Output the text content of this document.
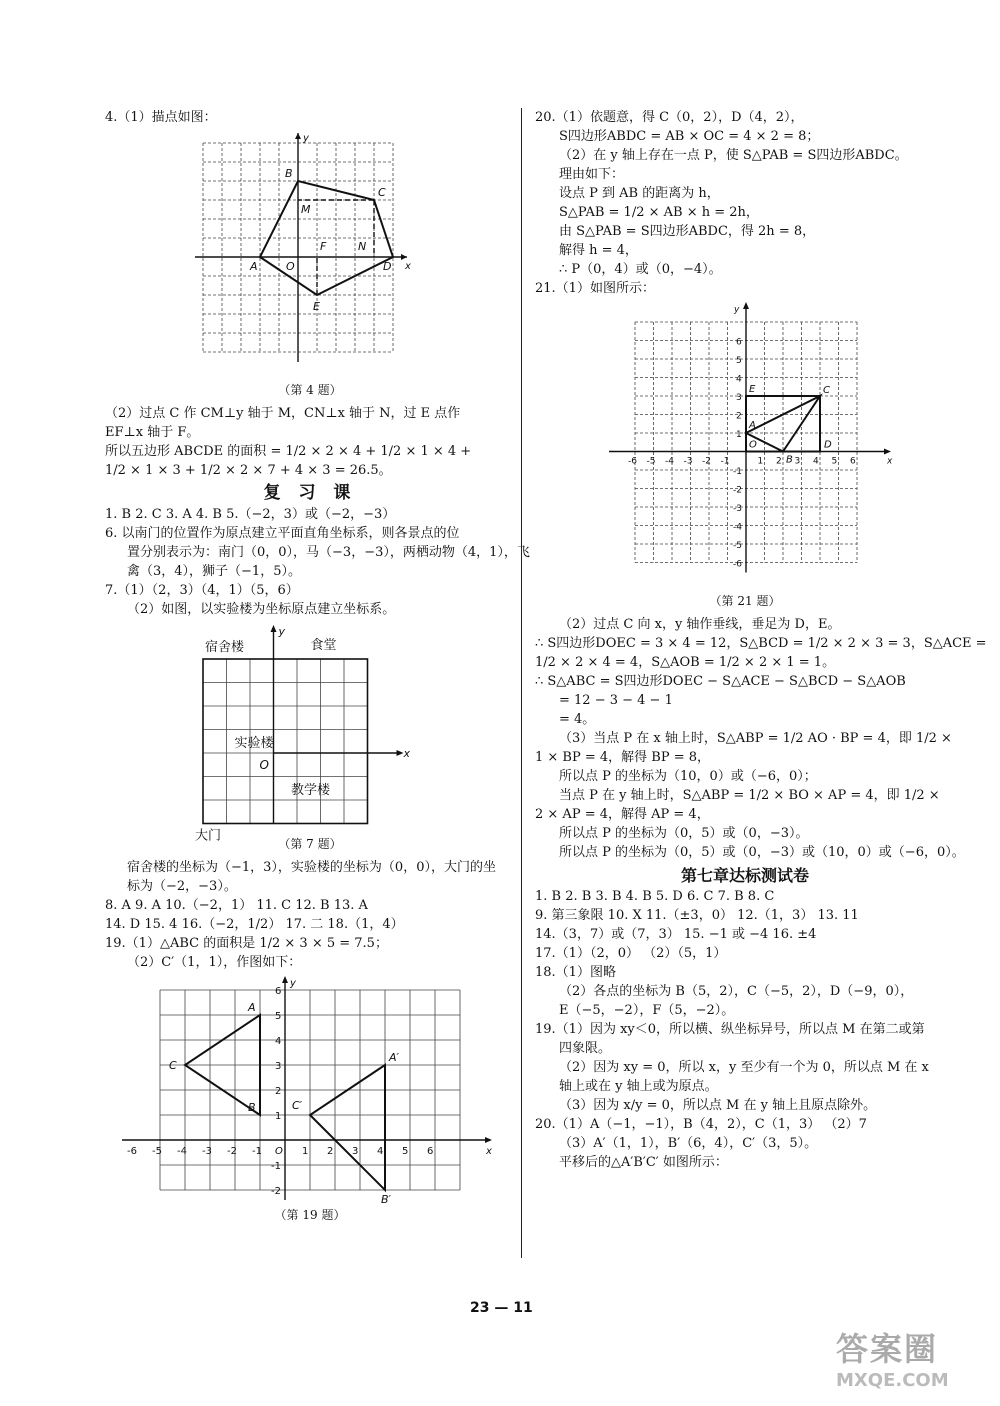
4.（1）描点如图：

B
C
M
F	N
A	O	D
E
x
y

（第 4 题）

（2）过点 C 作 CM⊥y 轴于 M，CN⊥x 轴于 N，过 E 点作

EF⊥x 轴于 F。

所以五边形 ABCDE 的面积 = 1/2 × 2 × 4 + 1/2 × 1 × 4 +

1/2 × 1 × 3 + 1/2 × 2 × 7 + 4 × 3 = 26.5。

复 习 课

1. B 2. C 3. A 4. B 5.（−2，3）或（−2，−3）

6. 以南门的位置作为原点建立平面直角坐标系，则各景点的位

置分别表示为：南门（0，0），马（−3，−3），两栖动物（4，1），飞

禽（3，4），狮子（−1，5）。

7.（1）（2，3）（4，1）（5，6）

（2）如图，以实验楼为坐标原点建立坐标系。

x
y
宿舍楼	食堂
实验楼
O
教学楼
大门

（第 7 题）

宿舍楼的坐标为（−1，3），实验楼的坐标为（0，0），大门的坐

标为（−2，−3）。

8. A 9. A 10.（−2，1） 11. C 12. B 13. A

14. D 15. 4 16.（−2，1/2） 17. 二 18.（1，4）

19.（1）△ABC 的面积是 1/2 × 3 × 5 = 7.5；

（2）C′（1，1），作图如下：

-6 -5 -4 -3 -2 -1	1 2 3 4 5 6
6
5
4
3
2
1
-1
-2
O
A
B
C
A′
C′
B′
x
y

（第 19 题）

20.（1）依题意，得 C（0，2），D（4，2），

S四边形ABDC = AB × OC = 4 × 2 = 8；

（2）在 y 轴上存在一点 P，使 S△PAB = S四边形ABDC。

理由如下：

设点 P 到 AB 的距离为 h，

S△PAB = 1/2 × AB × h = 2h，

由 S△PAB = S四边形ABDC，得 2h = 8，

解得 h = 4，

∴ P（0，4）或（0，−4）。

21.（1）如图所示：

-6 -5 -4 -3 -2 -1	1 2 3 4 5 6
6
5
4
3
2
1
-1
-2
-3
-4
-5
-6
E	C
A
O
B
D
x
y

（第 21 题）

（2）过点 C 向 x，y 轴作垂线，垂足为 D，E。

∴ S四边形DOEC = 3 × 4 = 12，S△BCD = 1/2 × 2 × 3 = 3，S△ACE =

1/2 × 2 × 4 = 4，S△AOB = 1/2 × 2 × 1 = 1。

∴ S△ABC = S四边形DOEC − S△ACE − S△BCD − S△AOB

= 12 − 3 − 4 − 1

= 4。

（3）当点 P 在 x 轴上时，S△ABP = 1/2 AO · BP = 4，即 1/2 ×

1 × BP = 4，解得 BP = 8，

所以点 P 的坐标为（10，0）或（−6，0）；

当点 P 在 y 轴上时，S△ABP = 1/2 × BO × AP = 4，即 1/2 ×

2 × AP = 4，解得 AP = 4，

所以点 P 的坐标为（0，5）或（0，−3）。

所以点 P 的坐标为（0，5）或（0，−3）或（10，0）或（−6，0）。

第七章达标测试卷

1. B 2. B 3. B 4. B 5. D 6. C 7. B 8. C

9. 第三象限 10. X 11.（±3，0） 12.（1，3） 13. 11

14.（3，7）或（7，3） 15. −1 或 −4 16. ±4

17.（1）（2，0） （2）（5，1）

18.（1）图略

（2）各点的坐标为 B（5，2），C（−5，2），D（−9，0），

E（−5，−2），F（5，−2）。

19.（1）因为 xy＜0，所以横、纵坐标异号，所以点 M 在第二或第

四象限。

（2）因为 xy = 0，所以 x，y 至少有一个为 0，所以点 M 在 x

轴上或在 y 轴上或为原点。

（3）因为 x/y = 0，所以点 M 在 y 轴上且原点除外。

20.（1）A（−1，−1），B（4，2），C（1，3） （2）7

（3）A′（1，1），B′（6，4），C′（3，5）。

平移后的△A′B′C′ 如图所示：

23 — 11
答案圈
MXQE.COM
